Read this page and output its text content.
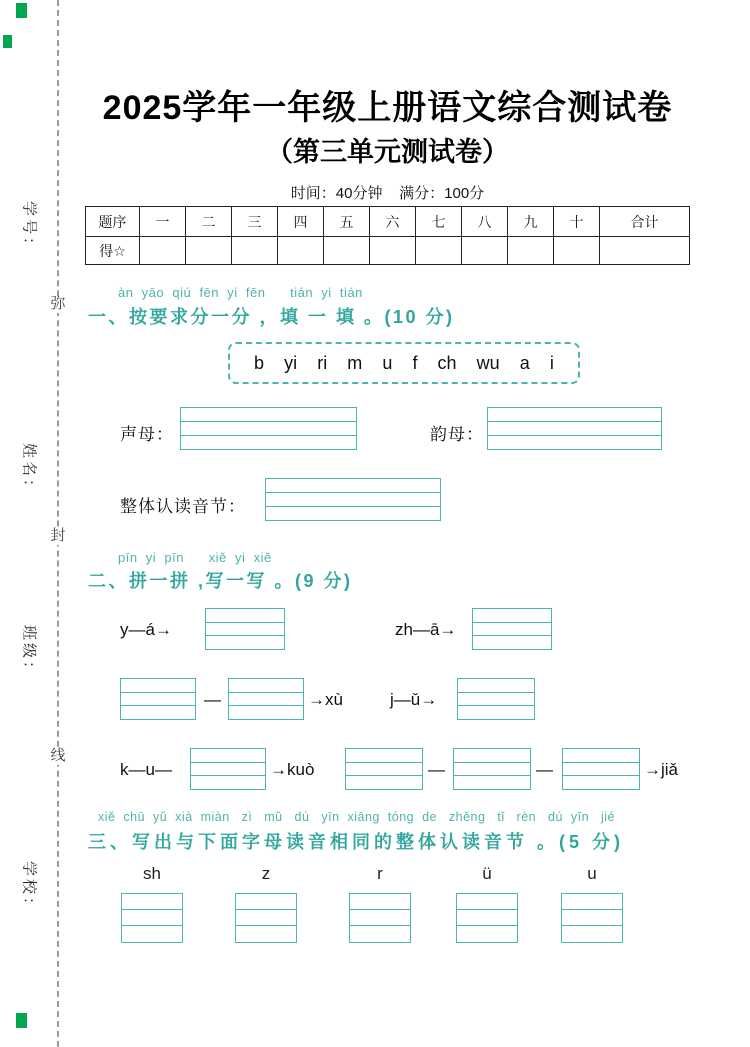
学号：
姓名：
班级：
学校：
弥
封
线
2025学年一年级上册语文综合测试卷
（第三单元测试卷）
时间：40分钟    满分：100分
题序	一	二	三	四	五	六	七	八	九	十	合计
得☆											
àn  yāo  qiú  fēn  yi  fēn      tián  yi  tián
一、按要求分一分 ，填 一 填 。(10 分)
b yi ri m u f ch wu a i
声母：	韵母：
整体认读音节：
pīn  yi  pīn      xiě  yi  xiě
二、拼一拼 ,写一写 。(9 分)
y—á→	zh—ā→
—	→xù	j—ǔ→
k—u—	→kuò	—	—	→jiǎ
xiě  chū  yǔ  xià  miàn   zì   mǔ   dú   yīn  xiāng  tóng  de   zhěng   tǐ   rèn   dú  yīn   jié
三、写出与下面字母读音相同的整体认读音节 。(5 分)
sh	z	r	ü	u
